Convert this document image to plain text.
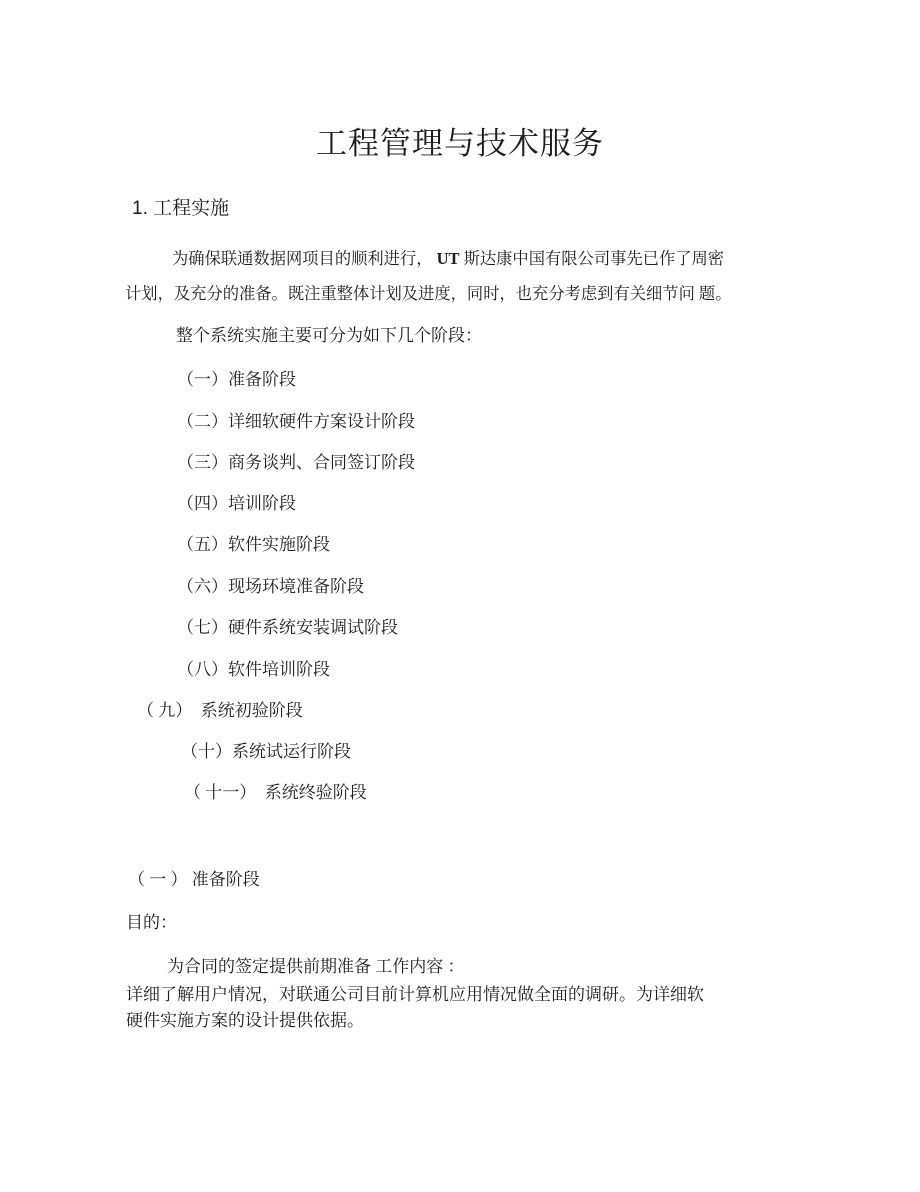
工程管理与技术服务
1. 工程实施
为确保联通数据网项目的顺利进行， UT 斯达康中国有限公司事先已作了周密
计划，及充分的准备。既注重整体计划及进度，同时，也充分考虑到有关细节问 题。
整个系统实施主要可分为如下几个阶段：
（一）准备阶段
（二）详细软硬件方案设计阶段
（三）商务谈判、合同签订阶段
（四）培训阶段
（五）软件实施阶段
（六）现场环境准备阶段
（七）硬件系统安装调试阶段
（八）软件培训阶段
（ 九）  系统初验阶段
（十）系统试运行阶段
（ 十一）  系统终验阶段
（ 一 ） 准备阶段
目的：
为合同的签定提供前期准备 工作内容 ：
详细了解用户情况，对联通公司目前计算机应用情况做全面的调研。为详细软
硬件实施方案的设计提供依据。
